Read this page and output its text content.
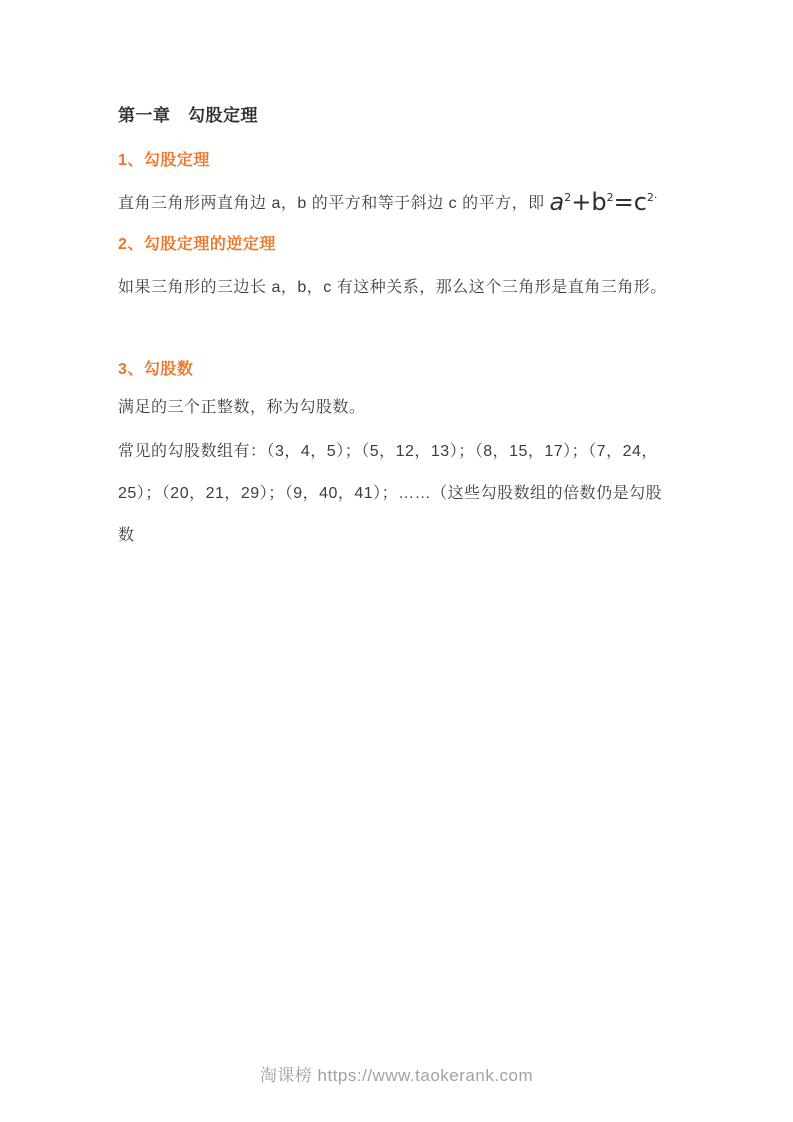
第一章　勾股定理
1、勾股定理
直角三角形两直角边 a，b 的平方和等于斜边 c 的平方，即 $a^2+b^2=c^{2\cdot}$
2、勾股定理的逆定理
如果三角形的三边长 a，b，c 有这种关系，那么这个三角形是直角三角形。
3、勾股数
满足的三个正整数，称为勾股数。
常见的勾股数组有：（3，4，5）；（5，12，13）；（8，15，17）；（7，24，
25）；（20，21，29）；（9，40，41）；……（这些勾股数组的倍数仍是勾股
数
淘课榜 https://www.taokerank.com
